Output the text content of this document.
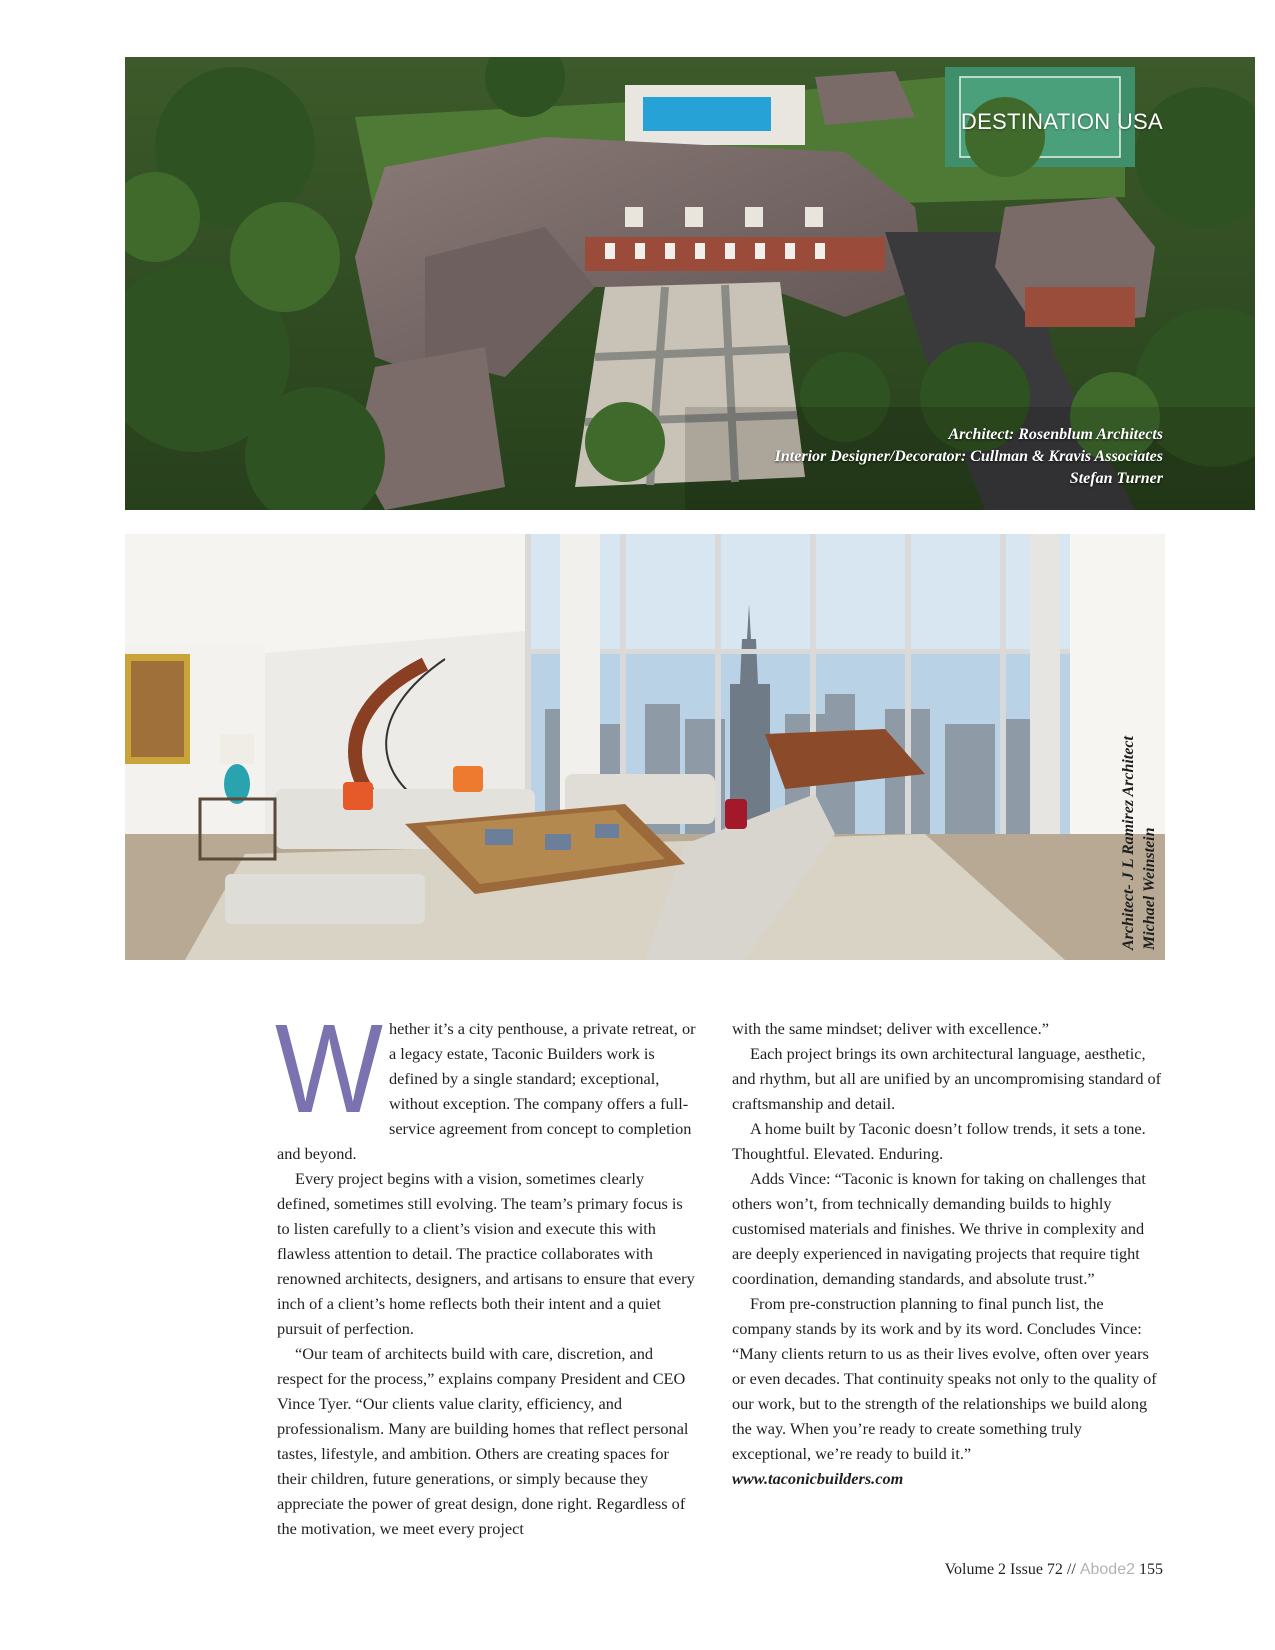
DESTINATION USA
Architect: Rosenblum Architects
Interior Designer/Decorator: Cullman & Kravis Associates
Stefan Turner
Architect- J L Ramirez Architect Michael Weinstein
W hether it’s a city penthouse, a private retreat, or a legacy estate, Taconic Builders work is defined by a single standard; exceptional, without exception. The company offers a full-service agreement from concept to completion and beyond.

Every project begins with a vision, sometimes clearly defined, sometimes still evolving. The team’s primary focus is to listen carefully to a client’s vision and execute this with flawless attention to detail. The practice collaborates with renowned architects, designers, and artisans to ensure that every inch of a client’s home reflects both their intent and a quiet pursuit of perfection.

“Our team of architects build with care, discretion, and respect for the process,” explains company President and CEO Vince Tyer. “Our clients value clarity, efficiency, and professionalism. Many are building homes that reflect personal tastes, lifestyle, and ambition. Others are creating spaces for their children, future generations, or simply because they appreciate the power of great design, done right. Regardless of the motivation, we meet every project

with the same mindset; deliver with excellence.”

Each project brings its own architectural language, aesthetic, and rhythm, but all are unified by an uncompromising standard of craftsmanship and detail.

A home built by Taconic doesn’t follow trends, it sets a tone. Thoughtful. Elevated. Enduring.

Adds Vince: “Taconic is known for taking on challenges that others won’t, from technically demanding builds to highly customised materials and finishes. We thrive in complexity and are deeply experienced in navigating projects that require tight coordination, demanding standards, and absolute trust.”

From pre-construction planning to final punch list, the company stands by its work and by its word. Concludes Vince: “Many clients return to us as their lives evolve, often over years or even decades. That continuity speaks not only to the quality of our work, but to the strength of the relationships we build along the way. When you’re ready to create something truly exceptional, we’re ready to build it.”

www.taconicbuilders.com

Volume 2 Issue 72 // Abode2 155
